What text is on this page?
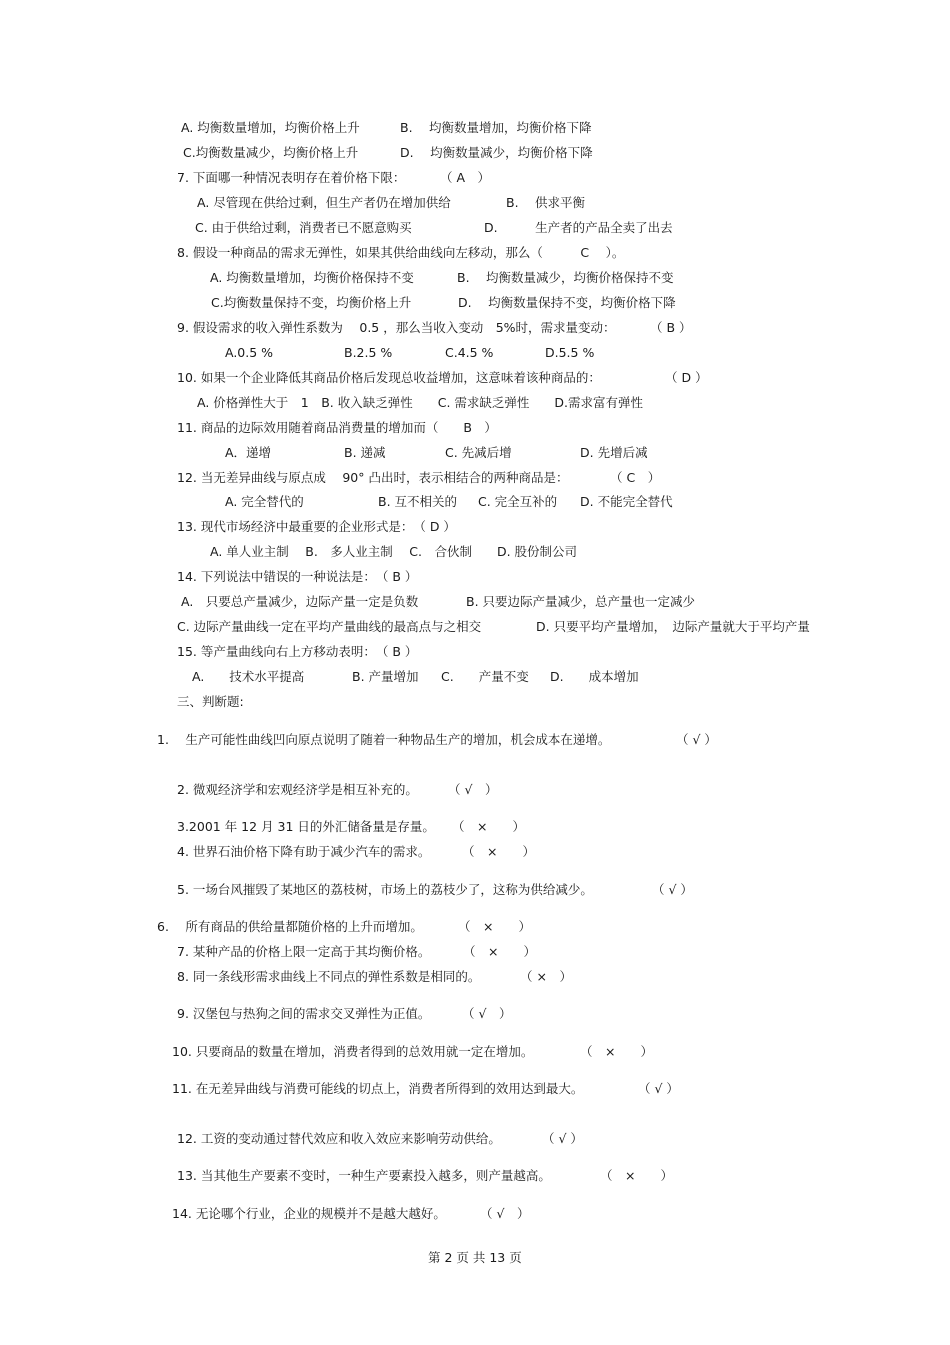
A. 均衡数量增加，均衡价格上升	B.　 均衡数量增加，均衡价格下降
C.均衡数量减少，均衡价格上升	D.　 均衡数量减少，均衡价格下降
7. 下面哪一种情况表明存在着价格下限：	（ A　）
A. 尽管现在供给过剩，但生产者仍在增加供给	B.　 供求平衡
C. 由于供给过剩，消费者已不愿意购买	D.　　　生产者的产品全卖了出去
8. 假设一种商品的需求无弹性，如果其供给曲线向左移动，那么（　　　C　 ）。
A. 均衡数量增加，均衡价格保持不变	B.　 均衡数量减少，均衡价格保持不变
C.均衡数量保持不变，均衡价格上升	D.　 均衡数量保持不变，均衡价格下降
9. 假设需求的收入弹性系数为　 0.5 ，那么当收入变动　5%时，需求量变动：	（ B ）
A.0.5 %	B.2.5 %	C.4.5 %	D.5.5 %
10. 如果一个企业降低其商品价格后发现总收益增加，这意味着该种商品的：	（ D ）
A. 价格弹性大于　1　B. 收入缺乏弹性　　C. 需求缺乏弹性　　D.需求富有弹性
11. 商品的边际效用随着商品消费量的增加而（　　B　）
A．递增	B. 递减	C. 先减后增	D. 先增后减
12. 当无差异曲线与原点成　 90° 凸出时，表示相结合的两种商品是：	（ C　）
A. 完全替代的	B. 互不相关的 C. 完全互补的 D. 不能完全替代
13. 现代市场经济中最重要的企业形式是：　（ D ）
A. 单人业主制　 B.　多人业主制　 C.　合伙制　　D. 股份制公司
14. 下列说法中错误的一种说法是：　（ B ）
A.　只要总产量减少，边际产量一定是负数	B. 只要边际产量减少，总产量也一定减少
C. 边际产量曲线一定在平均产量曲线的最高点与之相交	D. 只要平均产量增加，　边际产量就大于平均产量
15. 等产量曲线向右上方移动表明：　（ B ）
A.　　技术水平提高	B. 产量增加 C.　　产量不变 D.　　成本增加
三、判断题:
1.　 生产可能性曲线凹向原点说明了随着一种物品生产的增加，机会成本在递增。	（ √ ）
2. 微观经济学和宏观经济学是相互补充的。 （ √　）
3.2001 年 12 月 31 日的外汇储备量是存量。 （　×　　）
4. 世界石油价格下降有助于减少汽车的需求。	（　×　　）
5. 一场台风摧毁了某地区的荔枝树，市场上的荔枝少了，这称为供给减少。	（ √ ）
6.　 所有商品的供给量都随价格的上升而增加。	（　×　　）
7. 某种产品的价格上限一定高于其均衡价格。	（　×　　）
8. 同一条线形需求曲线上不同点的弹性系数是相同的。	（ ×　）
9. 汉堡包与热狗之间的需求交叉弹性为正值。	（ √　）
10. 只要商品的数量在增加，消费者得到的总效用就一定在增加。	（　×　　）
11. 在无差异曲线与消费可能线的切点上，消费者所得到的效用达到最大。	（ √ ）
12. 工资的变动通过替代效应和收入效应来影响劳动供给。	（ √ ）
13. 当其他生产要素不变时，一种生产要素投入越多，则产量越高。	（　×　　）
14. 无论哪个行业，企业的规模并不是越大越好。	（ √　）
第 2 页 共 13 页
